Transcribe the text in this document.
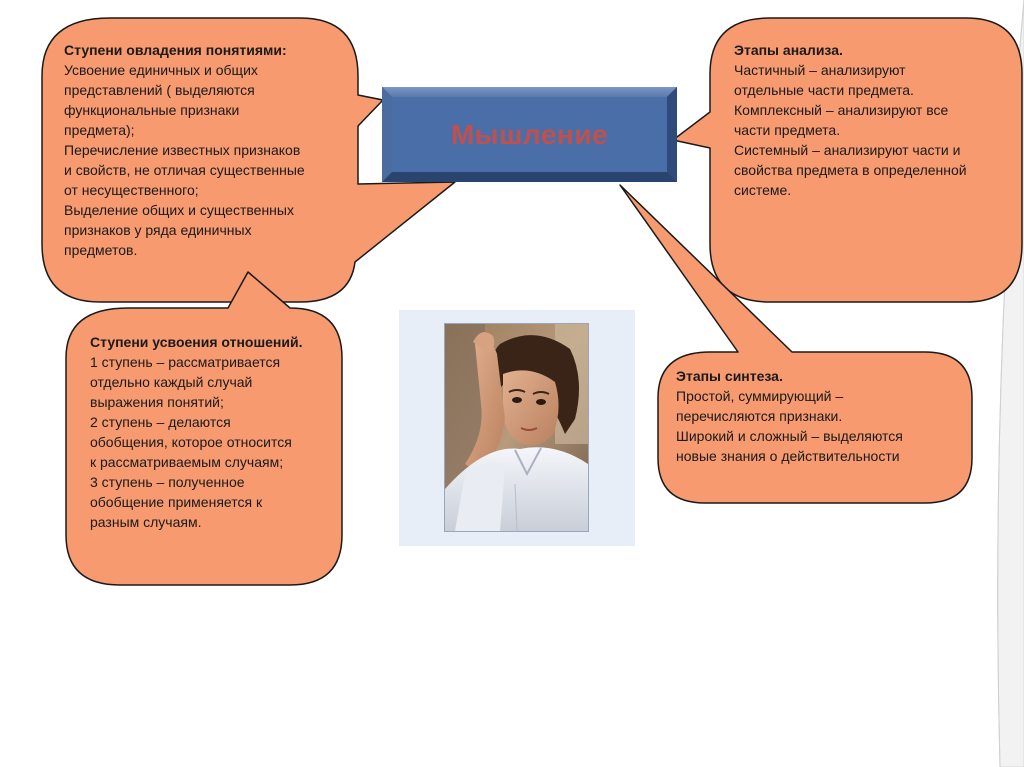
Мышление
Ступени овладения понятиями:
Усвоение единичных и общих
представлений ( выделяются
функциональные признаки
предмета);
Перечисление известных признаков
и свойств, не отличая существенные
от несущественного;
Выделение общих и существенных
признаков у ряда единичных
предметов.
Этапы анализа.
Частичный – анализируют
отдельные части предмета.
Комплексный – анализируют все
части предмета.
Системный – анализируют части и
свойства предмета в определенной
системе.
Ступени усвоения отношений.
1 ступень – рассматривается
отдельно каждый случай
выражения понятий;
2 ступень – делаются
обобщения, которое относится
к рассматриваемым случаям;
3 ступень – полученное
обобщение применяется к
разным случаям.
Этапы синтеза.
Простой, суммирующий –
перечисляются признаки.
Широкий и сложный – выделяются
новые знания о действительности
